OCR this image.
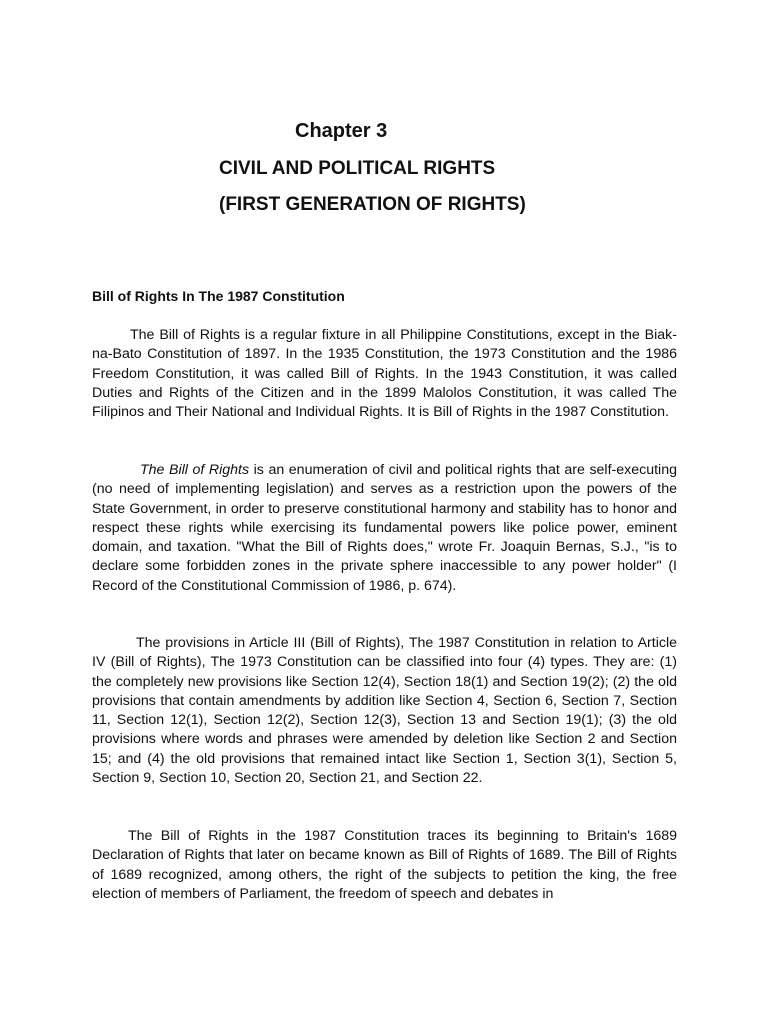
Chapter 3
CIVIL AND POLITICAL RIGHTS
(FIRST GENERATION OF RIGHTS)
Bill of Rights In The 1987 Constitution

The Bill of Rights is a regular fixture in all Philippine Constitutions, except in the Biak-na-Bato Constitution of 1897. In the 1935 Constitution, the 1973 Constitution and the 1986 Freedom Constitution, it was called Bill of Rights. In the 1943 Constitution, it was called Duties and Rights of the Citizen and in the 1899 Malolos Constitution, it was called The Filipinos and Their National and Individual Rights. It is Bill of Rights in the 1987 Constitution.

The Bill of Rights is an enumeration of civil and political rights that are self-executing (no need of implementing legislation) and serves as a restriction upon the powers of the State Government, in order to preserve constitutional harmony and stability has to honor and respect these rights while exercising its fundamental powers like police power, eminent domain, and taxation. "What the Bill of Rights does," wrote Fr. Joaquin Bernas, S.J., "is to declare some forbidden zones in the private sphere inaccessible to any power holder" (I Record of the Constitutional Commission of 1986, p. 674).

The provisions in Article III (Bill of Rights), The 1987 Constitution in relation to Article IV (Bill of Rights), The 1973 Constitution can be classified into four (4) types. They are: (1) the completely new provisions like Section 12(4), Section 18(1) and Section 19(2); (2) the old provisions that contain amendments by addition like Section 4, Section 6, Section 7, Section 11, Section 12(1), Section 12(2), Section 12(3), Section 13 and Section 19(1); (3) the old provisions where words and phrases were amended by deletion like Section 2 and Section 15; and (4) the old provisions that remained intact like Section 1, Section 3(1), Section 5, Section 9, Section 10, Section 20, Section 21, and Section 22.

The Bill of Rights in the 1987 Constitution traces its beginning to Britain's 1689 Declaration of Rights that later on became known as Bill of Rights of 1689. The Bill of Rights of 1689 recognized, among others, the right of the subjects to petition the king, the free election of members of Parliament, the freedom of speech and debates in
